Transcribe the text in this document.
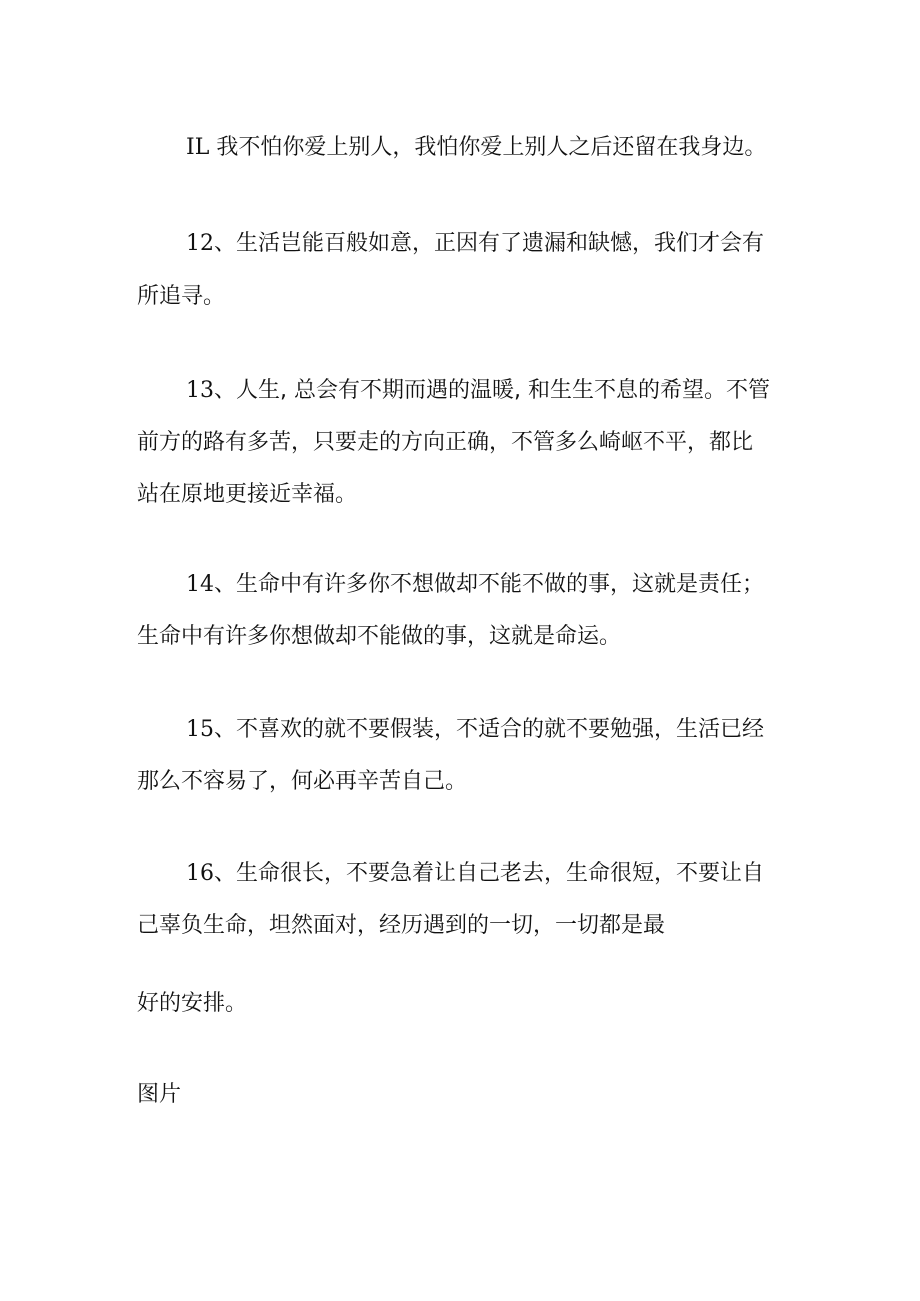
IL 我不怕你爱上别人，我怕你爱上别人之后还留在我身边。
12、生活岂能百般如意，正因有了遗漏和缺憾，我们才会有
所追寻。
13、人生, 总会有不期而遇的温暖, 和生生不息的希望。不管
前方的路有多苦，只要走的方向正确，不管多么崎岖不平，都比
站在原地更接近幸福。
14、生命中有许多你不想做却不能不做的事，这就是责任；
生命中有许多你想做却不能做的事，这就是命运。
15、不喜欢的就不要假装，不适合的就不要勉强，生活已经
那么不容易了，何必再辛苦自己。
16、生命很长，不要急着让自己老去，生命很短，不要让自
己辜负生命，坦然面对，经历遇到的一切，一切都是最
好的安排。
图片
